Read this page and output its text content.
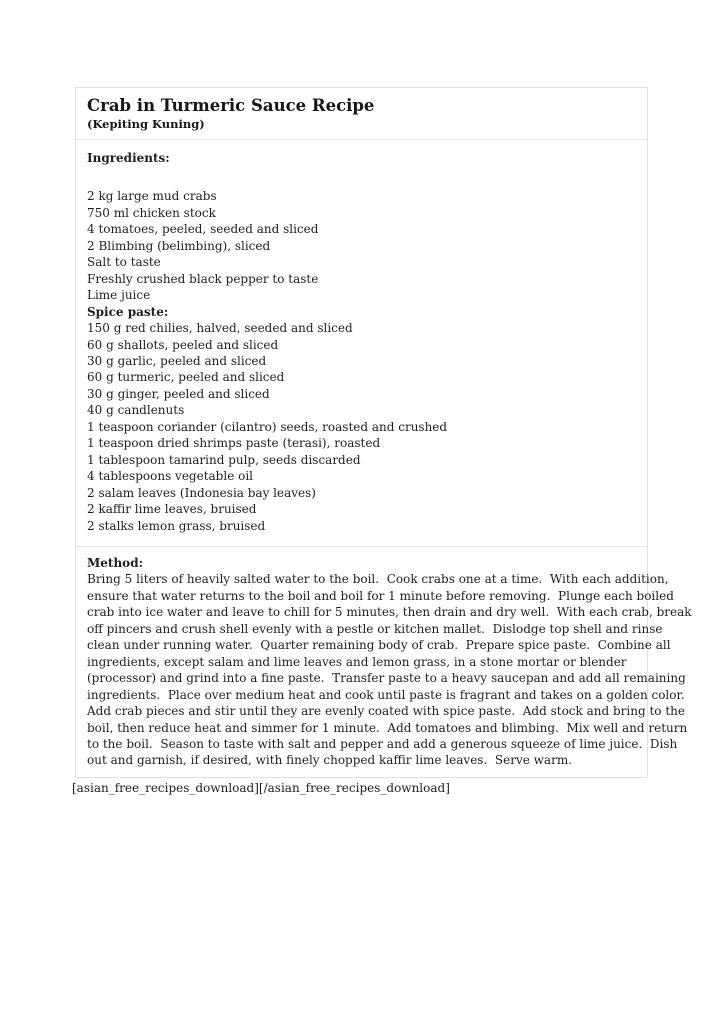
Crab in Turmeric Sauce Recipe
(Kepiting Kuning)
Ingredients:
2 kg large mud crabs
750 ml chicken stock
4 tomatoes, peeled, seeded and sliced
2 Blimbing (belimbing), sliced
Salt to taste
Freshly crushed black pepper to taste
Lime juice
Spice paste:
150 g red chilies, halved, seeded and sliced
60 g shallots, peeled and sliced
30 g garlic, peeled and sliced
60 g turmeric, peeled and sliced
30 g ginger, peeled and sliced
40 g candlenuts
1 teaspoon coriander (cilantro) seeds, roasted and crushed
1 teaspoon dried shrimps paste (terasi), roasted
1 tablespoon tamarind pulp, seeds discarded
4 tablespoons vegetable oil
2 salam leaves (Indonesia bay leaves)
2 kaffir lime leaves, bruised
2 stalks lemon grass, bruised
Method:
Bring 5 liters of heavily salted water to the boil.  Cook crabs one at a time.  With each addition,
ensure that water returns to the boil and boil for 1 minute before removing.  Plunge each boiled
crab into ice water and leave to chill for 5 minutes, then drain and dry well.  With each crab, break
off pincers and crush shell evenly with a pestle or kitchen mallet.  Dislodge top shell and rinse
clean under running water.  Quarter remaining body of crab.  Prepare spice paste.  Combine all
ingredients, except salam and lime leaves and lemon grass, in a stone mortar or blender
(processor) and grind into a fine paste.  Transfer paste to a heavy saucepan and add all remaining
ingredients.  Place over medium heat and cook until paste is fragrant and takes on a golden color.
Add crab pieces and stir until they are evenly coated with spice paste.  Add stock and bring to the
boil, then reduce heat and simmer for 1 minute.  Add tomatoes and blimbing.  Mix well and return
to the boil.  Season to taste with salt and pepper and add a generous squeeze of lime juice.  Dish
out and garnish, if desired, with finely chopped kaffir lime leaves.  Serve warm.
[asian_free_recipes_download][/asian_free_recipes_download]
